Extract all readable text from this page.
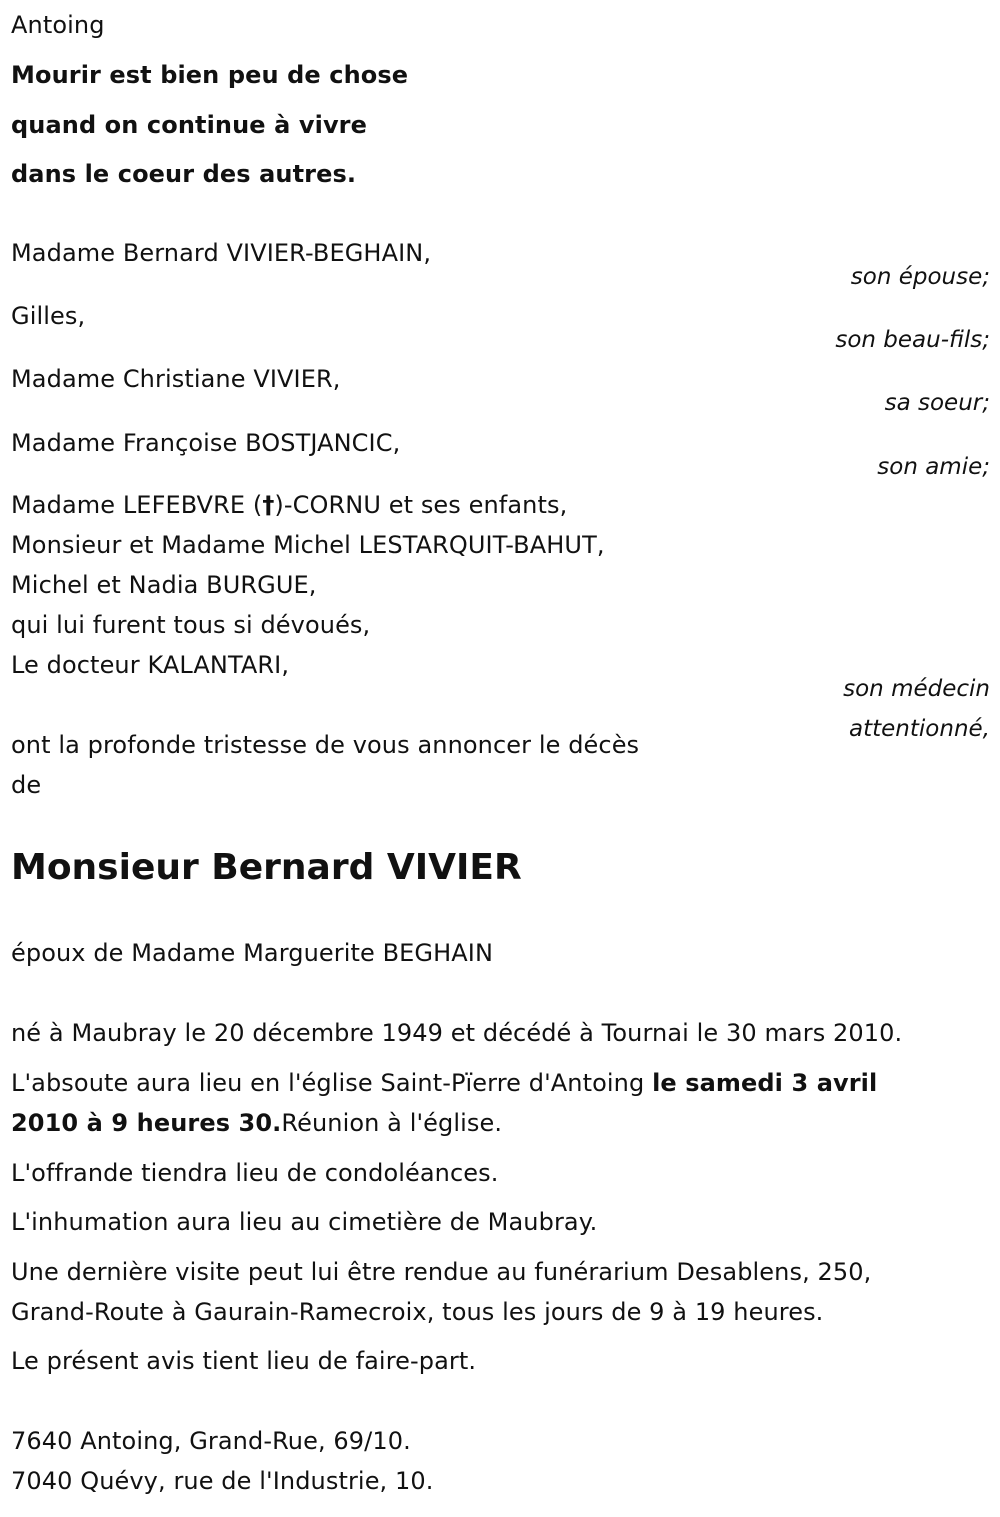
Antoing
Mourir est bien peu de chose
quand on continue à vivre
dans le coeur des autres.
Madame Bernard VIVIER-BEGHAIN,
son épouse;
Gilles,
son beau-fils;
Madame Christiane VIVIER,
sa soeur;
Madame Françoise BOSTJANCIC,
son amie;
Madame LEFEBVRE (†)-CORNU et ses enfants,
Monsieur et Madame Michel LESTARQUIT-BAHUT,
Michel et Nadia BURGUE,
qui lui furent tous si dévoués,
Le docteur KALANTARI,
son médecin
attentionné,
ont la profonde tristesse de vous annoncer le décès
de
Monsieur Bernard VIVIER
époux de Madame Marguerite BEGHAIN
né à Maubray le 20 décembre 1949 et décédé à Tournai le 30 mars 2010.
L'absoute aura lieu en l'église Saint-Pïerre d'Antoing le samedi 3 avril
2010 à 9 heures 30.Réunion à l'église.
L'offrande tiendra lieu de condoléances.
L'inhumation aura lieu au cimetière de Maubray.
Une dernière visite peut lui être rendue au funérarium Desablens, 250,
Grand-Route à Gaurain-Ramecroix, tous les jours de 9 à 19 heures.
Le présent avis tient lieu de faire-part.
7640 Antoing, Grand-Rue, 69/10.
7040 Quévy, rue de l'Industrie, 10.
